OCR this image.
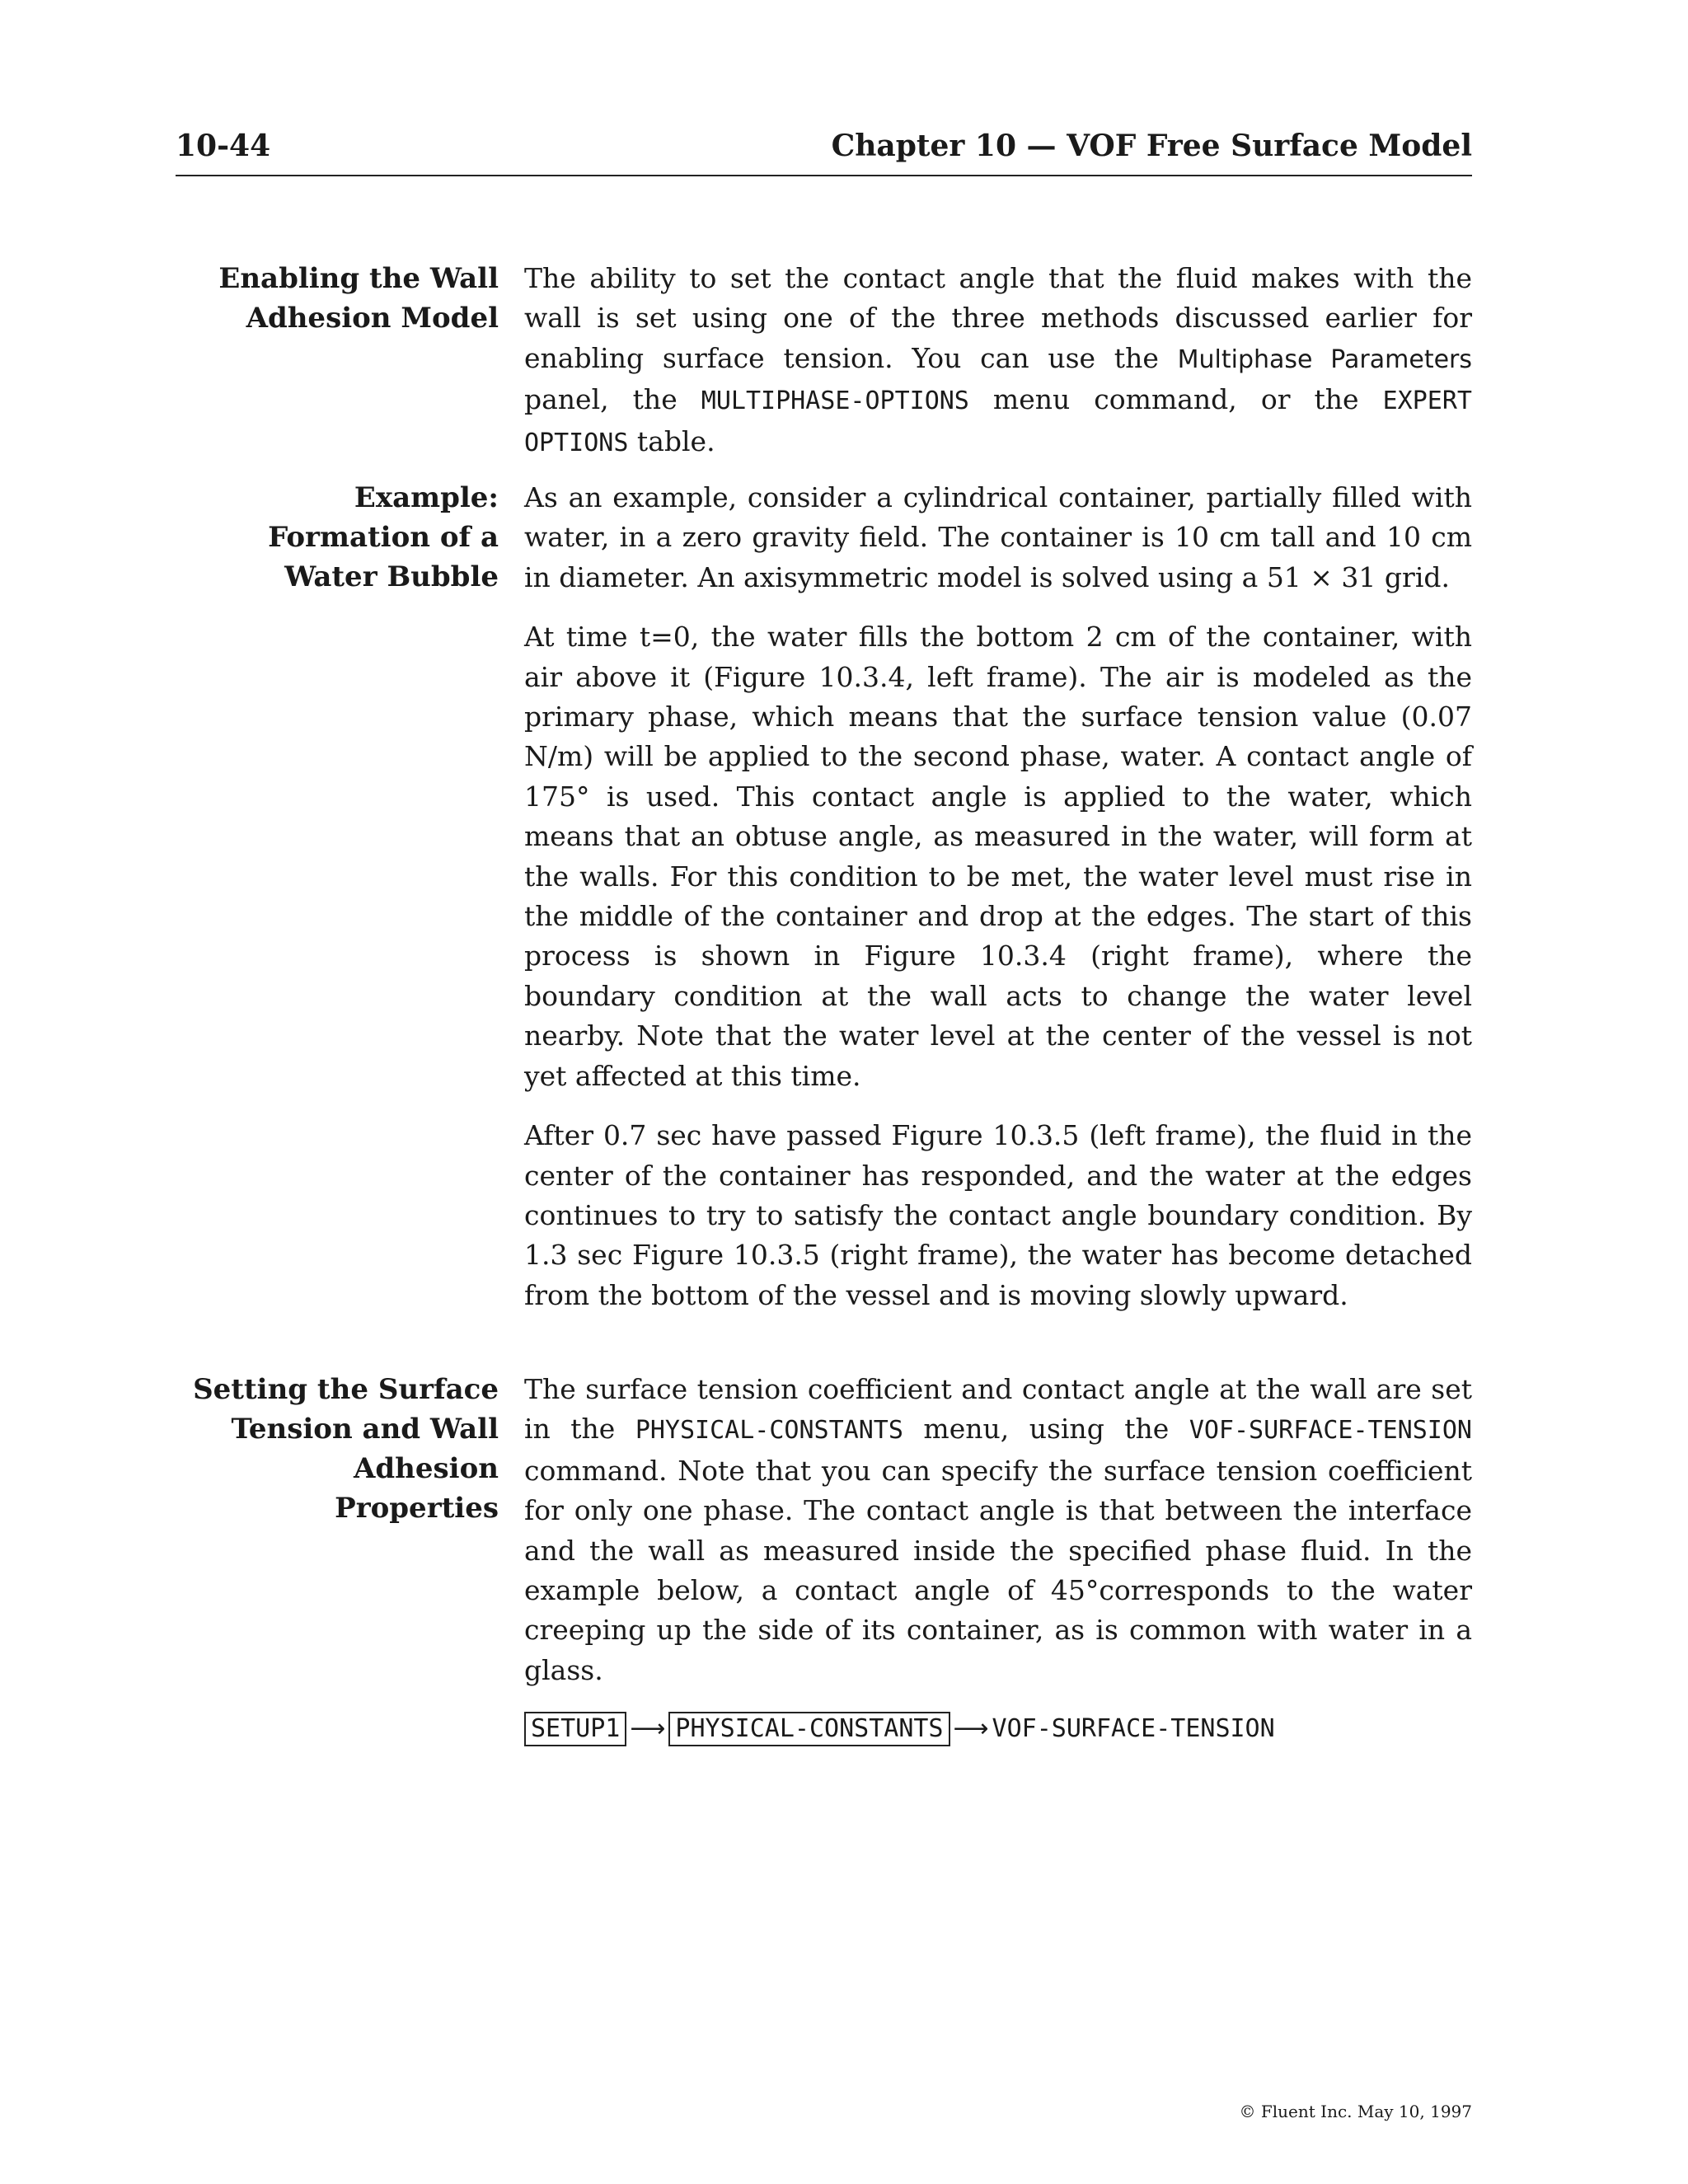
10-44	Chapter 10 — VOF Free Surface Model
Enabling the Wall
Adhesion Model

The ability to set the contact angle that the fluid makes with the wall is set using one of the three methods discussed earlier for enabling surface tension. You can use the Multiphase Parameters panel, the MULTIPHASE-OPTIONS menu command, or the EXPERT OPTIONS table.

Example:
Formation of a
Water Bubble

As an example, consider a cylindrical container, partially filled with water, in a zero gravity field. The container is 10 cm tall and 10 cm in diameter. An axisymmetric model is solved using a 51 × 31 grid.

At time t=0, the water fills the bottom 2 cm of the container, with air above it (Figure 10.3.4, left frame). The air is modeled as the primary phase, which means that the surface tension value (0.07 N/m) will be applied to the second phase, water. A contact angle of 175° is used. This contact angle is applied to the water, which means that an obtuse angle, as measured in the water, will form at the walls. For this condition to be met, the water level must rise in the middle of the container and drop at the edges. The start of this process is shown in Figure 10.3.4 (right frame), where the boundary condition at the wall acts to change the water level nearby. Note that the water level at the center of the vessel is not yet affected at this time.

After 0.7 sec have passed Figure 10.3.5 (left frame), the fluid in the center of the container has responded, and the water at the edges continues to try to satisfy the contact angle boundary condition. By 1.3 sec Figure 10.3.5 (right frame), the water has become detached from the bottom of the vessel and is moving slowly upward.

Setting the Surface
Tension and Wall
Adhesion
Properties

The surface tension coefficient and contact angle at the wall are set in the PHYSICAL-CONSTANTS menu, using the VOF-SURFACE-TENSION command. Note that you can specify the surface tension coefficient for only one phase. The contact angle is that between the interface and the wall as measured inside the specified phase fluid. In the example below, a contact angle of 45°corresponds to the water creeping up the side of its container, as is common with water in a glass.

SETUP1 ⟶ PHYSICAL-CONSTANTS ⟶ VOF-SURFACE-TENSION
© Fluent Inc. May 10, 1997
